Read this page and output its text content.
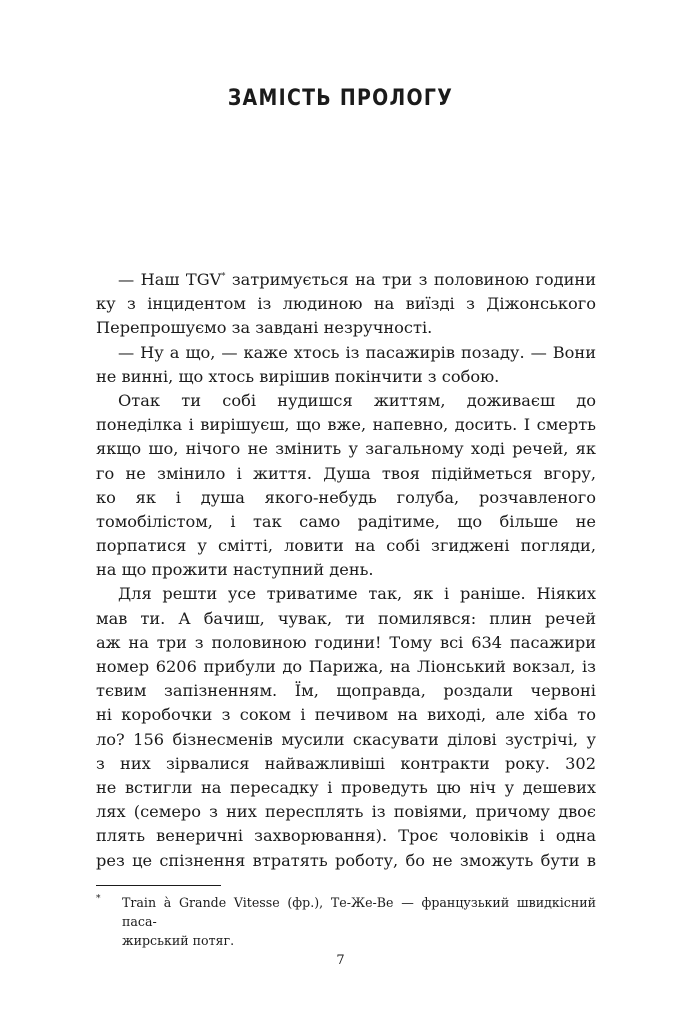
ЗАМІСТЬ ПРОЛОГУ
— Наш TGV* затримується на три з половиною години
ку з інцидентом із людиною на виїзді з Діжонського
Перепрошуємо за завдані незручності.
— Ну а що, — каже хтось із пасажирів позаду. — Вони
не винні, що хтось вирішив покінчити з собою.
Отак ти собі нудишся життям, доживаєш до
понеділка і вирішуєш, що вже, напевно, досить. І смерть
якщо шо, нічого не змінить у загальному ході речей, як
го не змінило і життя. Душа твоя підійметься вгору,
ко як і душа якого-небудь голуба, розчавленого
томобілістом, і так само радітиме, що більше не
порпатися у смітті, ловити на собі згиджені погляди,
на що прожити наступний день.
Для решти усе триватиме так, як і раніше. Ніяких
мав ти. А бачиш, чувак, ти помилявся: плин речей
аж на три з половиною години! Тому всі 634 пасажири
номер 6206 прибули до Парижа, на Ліонський вокзал, із
тєвим запізненням. Їм, щоправда, роздали червоні
ні коробочки з соком і печивом на виході, але хіба то
ло? 156 бізнесменів мусили скасувати ділові зустрічі, у
з них зірвалися найважливіші контракти року. 302
не встигли на пересадку і проведуть цю ніч у дешевих
лях (семеро з них пересплять із повіями, причому двоє
плять венеричні захворювання). Троє чоловіків і одна
рез це спізнення втратять роботу, бо не зможуть бути в
*	Train à Grande Vitesse (фр.), Те-Же-Ве — французький швидкісний паса-
жирський потяг.
7
